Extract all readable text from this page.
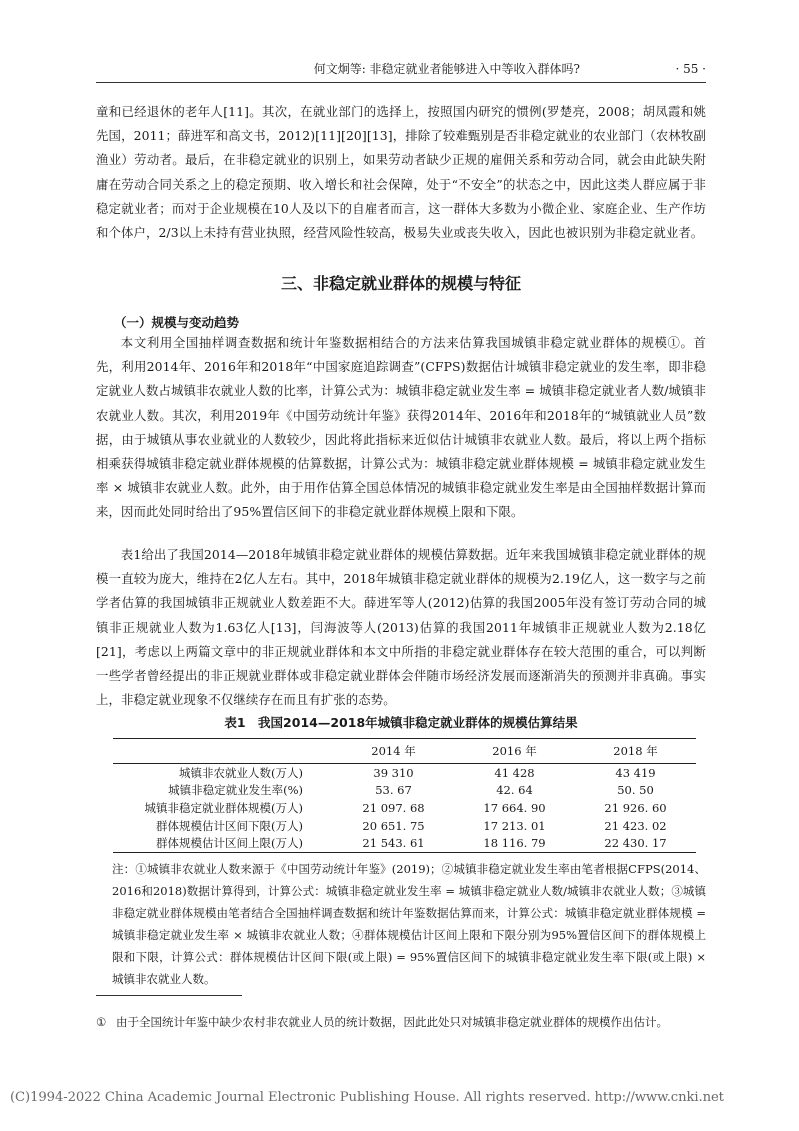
何文炯等: 非稳定就业者能够进入中等收入群体吗?	· 55 ·

童和已经退休的老年人[11]。其次，在就业部门的选择上，按照国内研究的惯例(罗楚亮，2008；胡凤霞和姚先国，2011；薛进军和高文书，2012)[11][20][13]，排除了较难甄别是否非稳定就业的农业部门（农林牧副渔业）劳动者。最后，在非稳定就业的识别上，如果劳动者缺少正规的雇佣关系和劳动合同，就会由此缺失附庸在劳动合同关系之上的稳定预期、收入增长和社会保障，处于“不安全”的状态之中，因此这类人群应属于非稳定就业者；而对于企业规模在10人及以下的自雇者而言，这一群体大多数为小微企业、家庭企业、生产作坊和个体户，2/3以上未持有营业执照，经营风险性较高，极易失业或丧失收入，因此也被识别为非稳定就业者。

三、非稳定就业群体的规模与特征
（一）规模与变动趋势

本文利用全国抽样调查数据和统计年鉴数据相结合的方法来估算我国城镇非稳定就业群体的规模①。首先，利用2014年、2016年和2018年“中国家庭追踪调查”(CFPS)数据估计城镇非稳定就业的发生率，即非稳定就业人数占城镇非农就业人数的比率，计算公式为：城镇非稳定就业发生率 = 城镇非稳定就业者人数/城镇非农就业人数。其次，利用2019年《中国劳动统计年鉴》获得2014年、2016年和2018年的“城镇就业人员”数据，由于城镇从事农业就业的人数较少，因此将此指标来近似估计城镇非农就业人数。最后，将以上两个指标相乘获得城镇非稳定就业群体规模的估算数据，计算公式为：城镇非稳定就业群体规模 = 城镇非稳定就业发生率 × 城镇非农就业人数。此外，由于用作估算全国总体情况的城镇非稳定就业发生率是由全国抽样数据计算而来，因而此处同时给出了95%置信区间下的非稳定就业群体规模上限和下限。

表1给出了我国2014—2018年城镇非稳定就业群体的规模估算数据。近年来我国城镇非稳定就业群体的规模一直较为庞大，维持在2亿人左右。其中，2018年城镇非稳定就业群体的规模为2.19亿人，这一数字与之前学者估算的我国城镇非正规就业人数差距不大。薛进军等人(2012)估算的我国2005年没有签订劳动合同的城镇非正规就业人数为1.63亿人[13]，闫海波等人(2013)估算的我国2011年城镇非正规就业人数为2.18亿[21]，考虑以上两篇文章中的非正规就业群体和本文中所指的非稳定就业群体存在较大范围的重合，可以判断一些学者曾经提出的非正规就业群体或非稳定就业群体会伴随市场经济发展而逐渐消失的预测并非真确。事实上，非稳定就业现象不仅继续存在而且有扩张的态势。

表1　我国2014—2018年城镇非稳定就业群体的规模估算结果

	2014 年	2016 年	2018 年
城镇非农就业人数(万人)	39 310	41 428	43 419
城镇非稳定就业发生率(%)	53. 67	42. 64	50. 50
城镇非稳定就业群体规模(万人)	21 097. 68	17 664. 90	21 926. 60
群体规模估计区间下限(万人)	20 651. 75	17 213. 01	21 423. 02
群体规模估计区间上限(万人)	21 543. 61	18 116. 79	22 430. 17

注：①城镇非农就业人数来源于《中国劳动统计年鉴》(2019)；②城镇非稳定就业发生率由笔者根据CFPS(2014、2016和2018)数据计算得到，计算公式：城镇非稳定就业发生率 = 城镇非稳定就业人数/城镇非农就业人数；③城镇非稳定就业群体规模由笔者结合全国抽样调查数据和统计年鉴数据估算而来，计算公式：城镇非稳定就业群体规模 = 城镇非稳定就业发生率 × 城镇非农就业人数；④群体规模估计区间上限和下限分别为95%置信区间下的群体规模上限和下限，计算公式：群体规模估计区间下限(或上限) = 95%置信区间下的城镇非稳定就业发生率下限(或上限) × 城镇非农就业人数。

① 由于全国统计年鉴中缺少农村非农就业人员的统计数据，因此此处只对城镇非稳定就业群体的规模作出估计。

(C)1994-2022 China Academic Journal Electronic Publishing House. All rights reserved. http://www.cnki.net
